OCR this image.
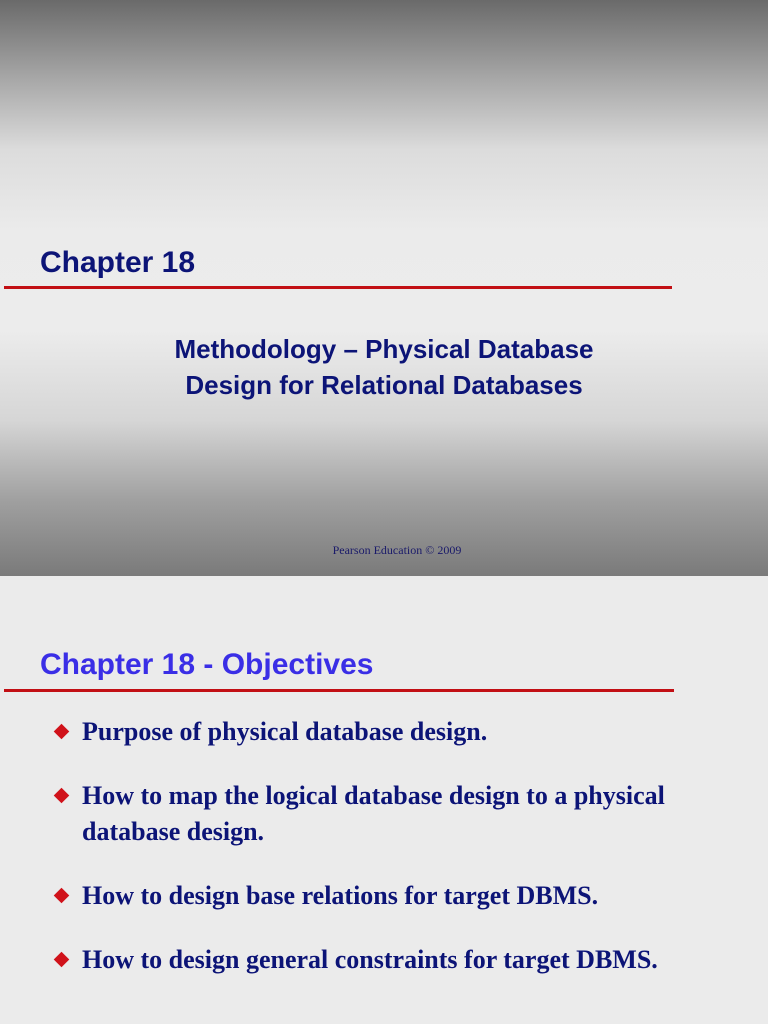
Chapter 18
Methodology – Physical Database
Design for Relational Databases
Pearson Education © 2009
Chapter 18 - Objectives
Purpose of physical database design.
How to map the logical database design to a physical database design.
How to design base relations for target DBMS.
How to design general constraints for target DBMS.
